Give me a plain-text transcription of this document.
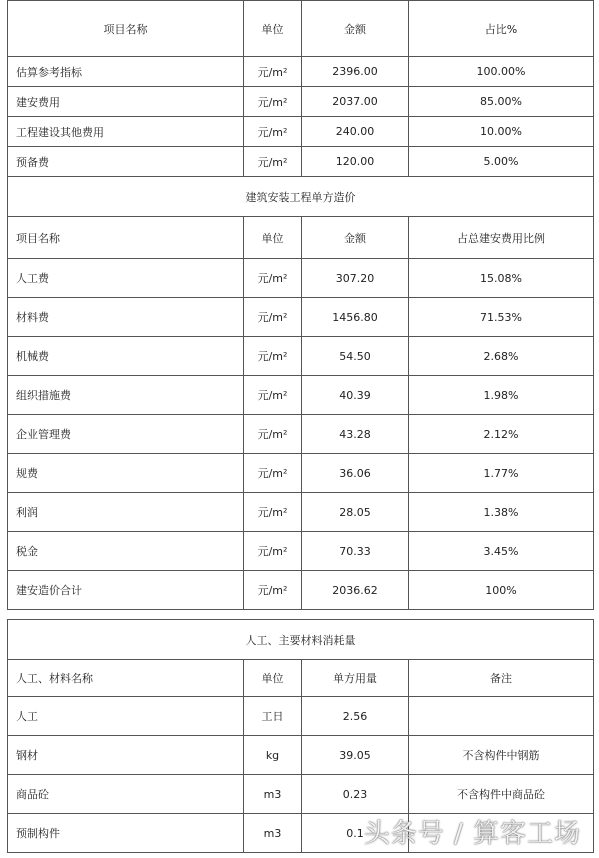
项目名称	单位	金额	占比%
估算参考指标	元/m²	2396.00	100.00%
建安费用	元/m²	2037.00	85.00%
工程建设其他费用	元/m²	240.00	10.00%
预备费	元/m²	120.00	5.00%
建筑安装工程单方造价			
项目名称	单位	金额	占总建安费用比例
人工费	元/m²	307.20	15.08%
材料费	元/m²	1456.80	71.53%
机械费	元/m²	54.50	2.68%
组织措施费	元/m²	40.39	1.98%
企业管理费	元/m²	43.28	2.12%
规费	元/m²	36.06	1.77%
利润	元/m²	28.05	1.38%
税金	元/m²	70.33	3.45%
建安造价合计	元/m²	2036.62	100%
人工、主要材料消耗量			
人工、材料名称	单位	单方用量	备注
人工	工日	2.56	
钢材	kg	39.05	不含构件中钢筋
商品砼	m3	0.23	不含构件中商品砼
预制构件	m3	0.1	头条号 / 算客工场
